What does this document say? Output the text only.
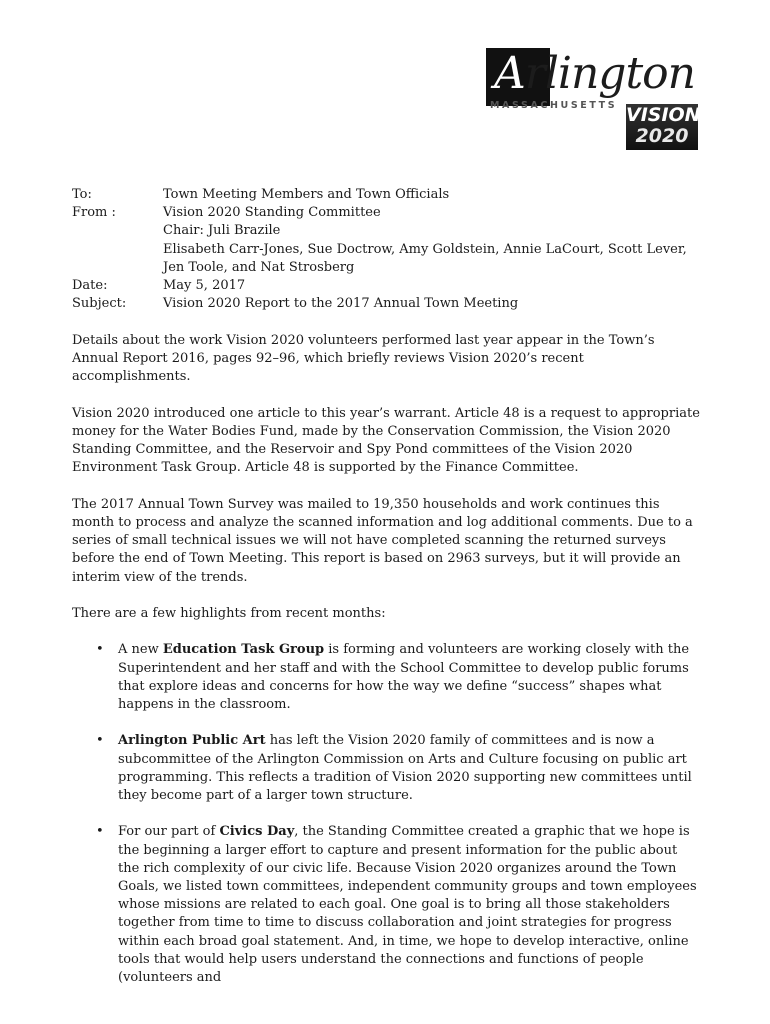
Arlington
MASSACHUSETTS VISION
2020
To:	Town Meeting Members and Town Officials
From :	Vision 2020 Standing Committee
Chair: Juli Brazile
Elisabeth Carr-Jones, Sue Doctrow, Amy Goldstein, Annie LaCourt, Scott Lever, Jen Toole, and Nat Strosberg
Date:	May 5, 2017
Subject:	Vision 2020 Report to the 2017 Annual Town Meeting

Details about the work Vision 2020 volunteers performed last year appear in the Town’s Annual Report 2016, pages 92–96, which briefly reviews Vision 2020’s recent accomplishments.

Vision 2020 introduced one article to this year’s warrant. Article 48 is a request to appropriate money for the Water Bodies Fund, made by the Conservation Commission, the Vision 2020 Standing Committee, and the Reservoir and Spy Pond committees of the Vision 2020 Environment Task Group. Article 48 is supported by the Finance Committee.

The 2017 Annual Town Survey was mailed to 19,350 households and work continues this month to process and analyze the scanned information and log additional comments. Due to a series of small technical issues we will not have completed scanning the returned surveys before the end of Town Meeting. This report is based on 2963 surveys, but it will provide an interim view of the trends.

There are a few highlights from recent months:

• A new Education Task Group is forming and volunteers are working closely with the Superintendent and her staff and with the School Committee to develop public forums that explore ideas and concerns for how the way we define “success” shapes what happens in the classroom.
• Arlington Public Art has left the Vision 2020 family of committees and is now a subcommittee of the Arlington Commission on Arts and Culture focusing on public art programming. This reflects a tradition of Vision 2020 supporting new committees until they become part of a larger town structure.
• For our part of Civics Day, the Standing Committee created a graphic that we hope is the beginning a larger effort to capture and present information for the public about the rich complexity of our civic life. Because Vision 2020 organizes around the Town Goals, we listed town committees, independent community groups and town employees whose missions are related to each goal. One goal is to bring all those stakeholders together from time to time to discuss collaboration and joint strategies for progress within each broad goal statement. And, in time, we hope to develop interactive, online tools that would help users understand the connections and functions of people (volunteers and
